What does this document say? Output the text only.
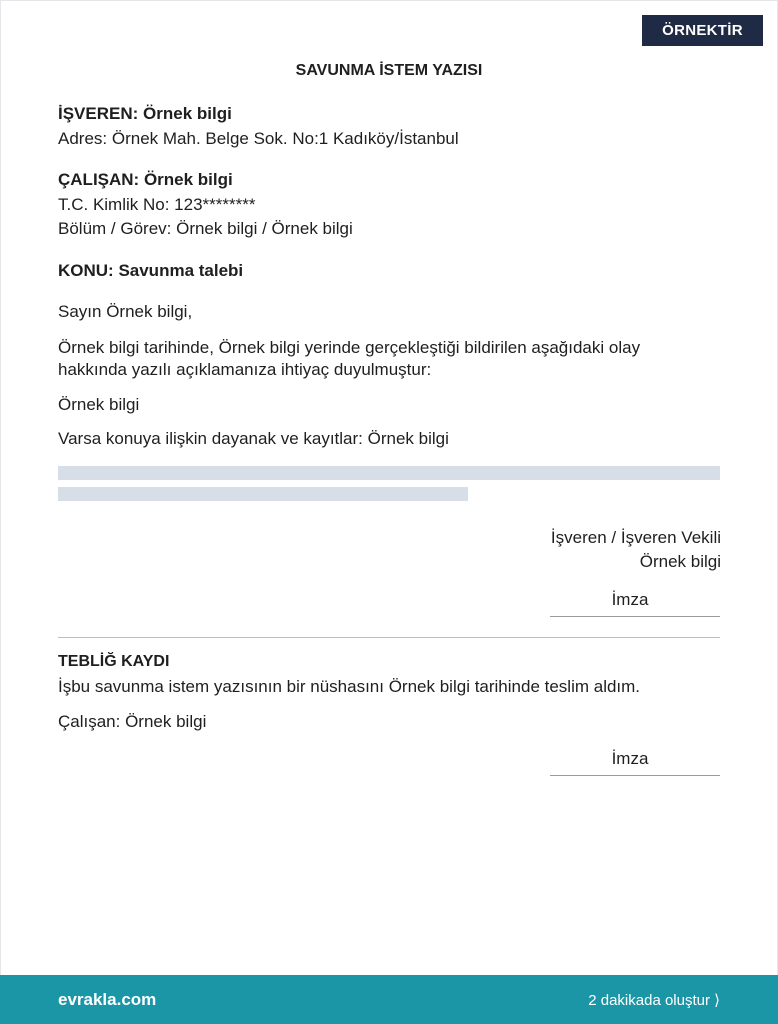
ÖRNEKTİR
SAVUNMA İSTEM YAZISI
İŞVEREN: Örnek bilgi
Adres: Örnek Mah. Belge Sok. No:1 Kadıköy/İstanbul
ÇALIŞAN: Örnek bilgi
T.C. Kimlik No: 123********
Bölüm / Görev: Örnek bilgi / Örnek bilgi
KONU: Savunma talebi
Sayın Örnek bilgi,
Örnek bilgi tarihinde, Örnek bilgi yerinde gerçekleştiği bildirilen aşağıdaki olay
hakkında yazılı açıklamanıza ihtiyaç duyulmuştur:
Örnek bilgi
Varsa konuya ilişkin dayanak ve kayıtlar: Örnek bilgi
İşveren / İşveren Vekili
Örnek bilgi
İmza
TEBLİĞ KAYDI
İşbu savunma istem yazısının bir nüshasını Örnek bilgi tarihinde teslim aldım.
Çalışan: Örnek bilgi
İmza
evrakla.com	2 dakikada oluştur ⟩
